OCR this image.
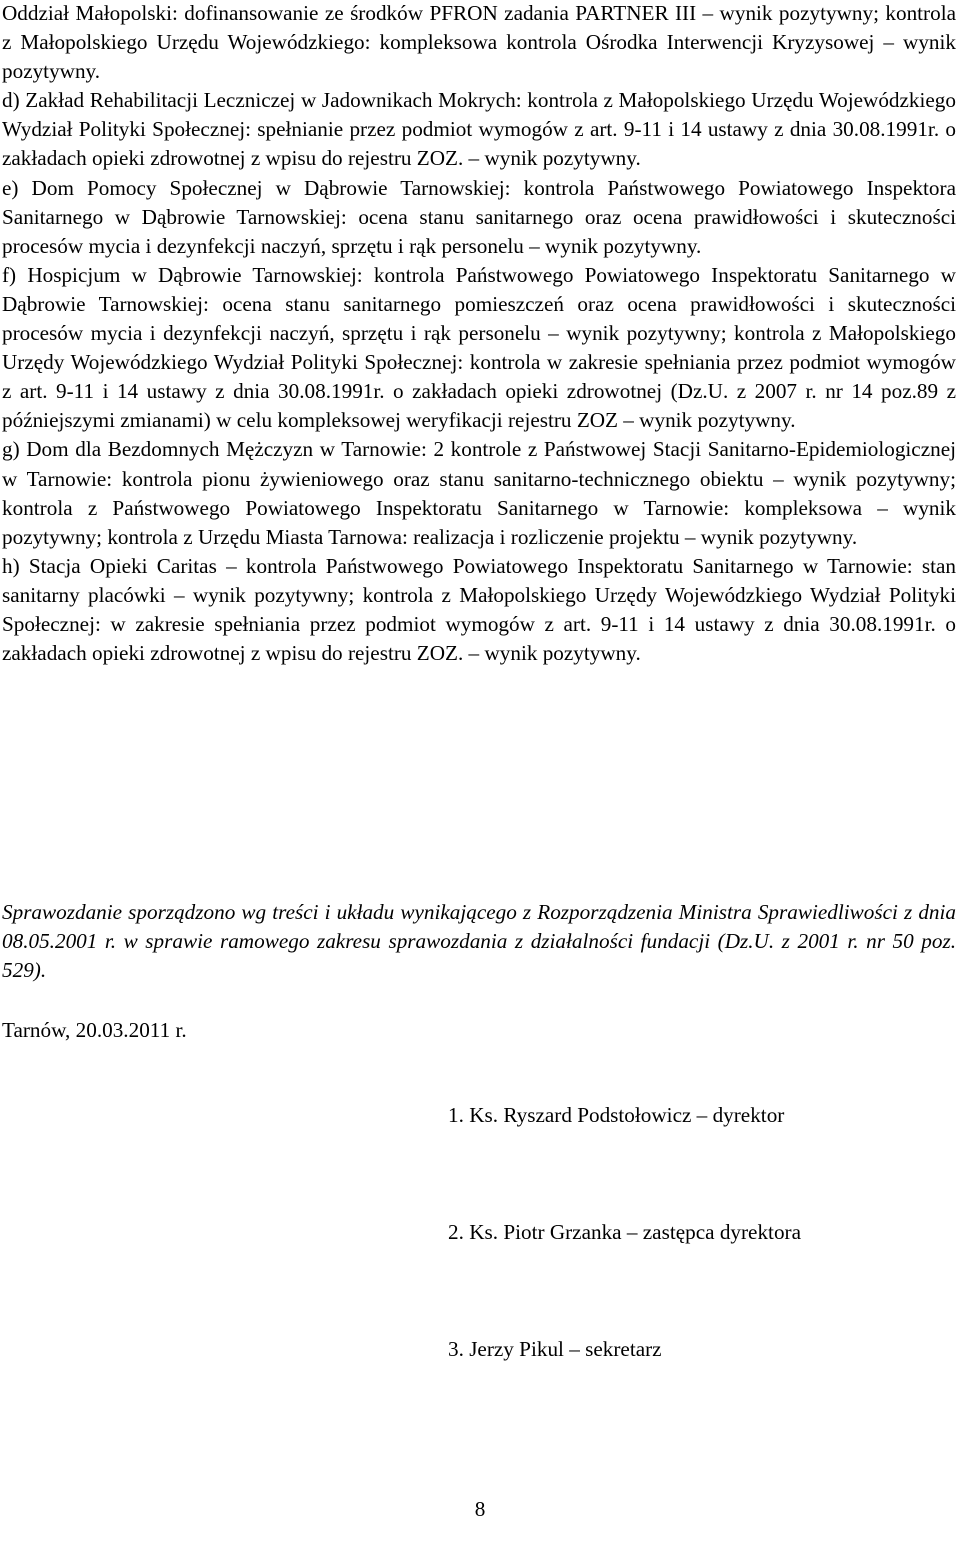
Oddział Małopolski: dofinansowanie ze środków PFRON zadania PARTNER III – wynik pozytywny; kontrola z Małopolskiego Urzędu Wojewódzkiego: kompleksowa kontrola Ośrodka Interwencji Kryzysowej – wynik pozytywny.

d) Zakład Rehabilitacji Leczniczej w Jadownikach Mokrych: kontrola z Małopolskiego Urzędu Wojewódzkiego Wydział Polityki Społecznej: spełnianie przez podmiot wymogów z art. 9-11 i 14 ustawy z dnia 30.08.1991r. o zakładach opieki zdrowotnej z wpisu do rejestru ZOZ. – wynik pozytywny.

e) Dom Pomocy Społecznej w Dąbrowie Tarnowskiej: kontrola Państwowego Powiatowego Inspektora Sanitarnego w Dąbrowie Tarnowskiej: ocena stanu sanitarnego oraz ocena prawidłowości i skuteczności procesów mycia i dezynfekcji naczyń, sprzętu i rąk personelu – wynik pozytywny.

f) Hospicjum w Dąbrowie Tarnowskiej: kontrola Państwowego Powiatowego Inspektoratu Sanitarnego w Dąbrowie Tarnowskiej: ocena stanu sanitarnego pomieszczeń oraz ocena prawidłowości i skuteczności procesów mycia i dezynfekcji naczyń, sprzętu i rąk personelu – wynik pozytywny; kontrola z Małopolskiego Urzędy Wojewódzkiego Wydział Polityki Społecznej: kontrola w zakresie spełniania przez podmiot wymogów z art. 9-11 i 14 ustawy z dnia 30.08.1991r. o zakładach opieki zdrowotnej (Dz.U. z 2007 r. nr 14 poz.89 z późniejszymi zmianami) w celu kompleksowej weryfikacji rejestru ZOZ – wynik pozytywny.

g) Dom dla Bezdomnych Mężczyzn w Tarnowie: 2 kontrole z Państwowej Stacji Sanitarno-Epidemiologicznej w Tarnowie: kontrola pionu żywieniowego oraz stanu sanitarno-technicznego obiektu – wynik pozytywny; kontrola z Państwowego Powiatowego Inspektoratu Sanitarnego w Tarnowie: kompleksowa – wynik pozytywny; kontrola z Urzędu Miasta Tarnowa: realizacja i rozliczenie projektu – wynik pozytywny.

h) Stacja Opieki Caritas – kontrola Państwowego Powiatowego Inspektoratu Sanitarnego w Tarnowie: stan sanitarny placówki – wynik pozytywny; kontrola z Małopolskiego Urzędy Wojewódzkiego Wydział Polityki Społecznej: w zakresie spełniania przez podmiot wymogów z art. 9-11 i 14 ustawy z dnia 30.08.1991r. o zakładach opieki zdrowotnej z wpisu do rejestru ZOZ. – wynik pozytywny.

Sprawozdanie sporządzono wg treści i układu wynikającego z Rozporządzenia Ministra Sprawiedliwości z dnia 08.05.2001 r. w sprawie ramowego zakresu sprawozdania z działalności fundacji (Dz.U. z 2001 r. nr 50 poz. 529).

Tarnów, 20.03.2011 r.

1. Ks. Ryszard Podstołowicz – dyrektor

2. Ks. Piotr Grzanka – zastępca dyrektora

3. Jerzy Pikul – sekretarz

8
